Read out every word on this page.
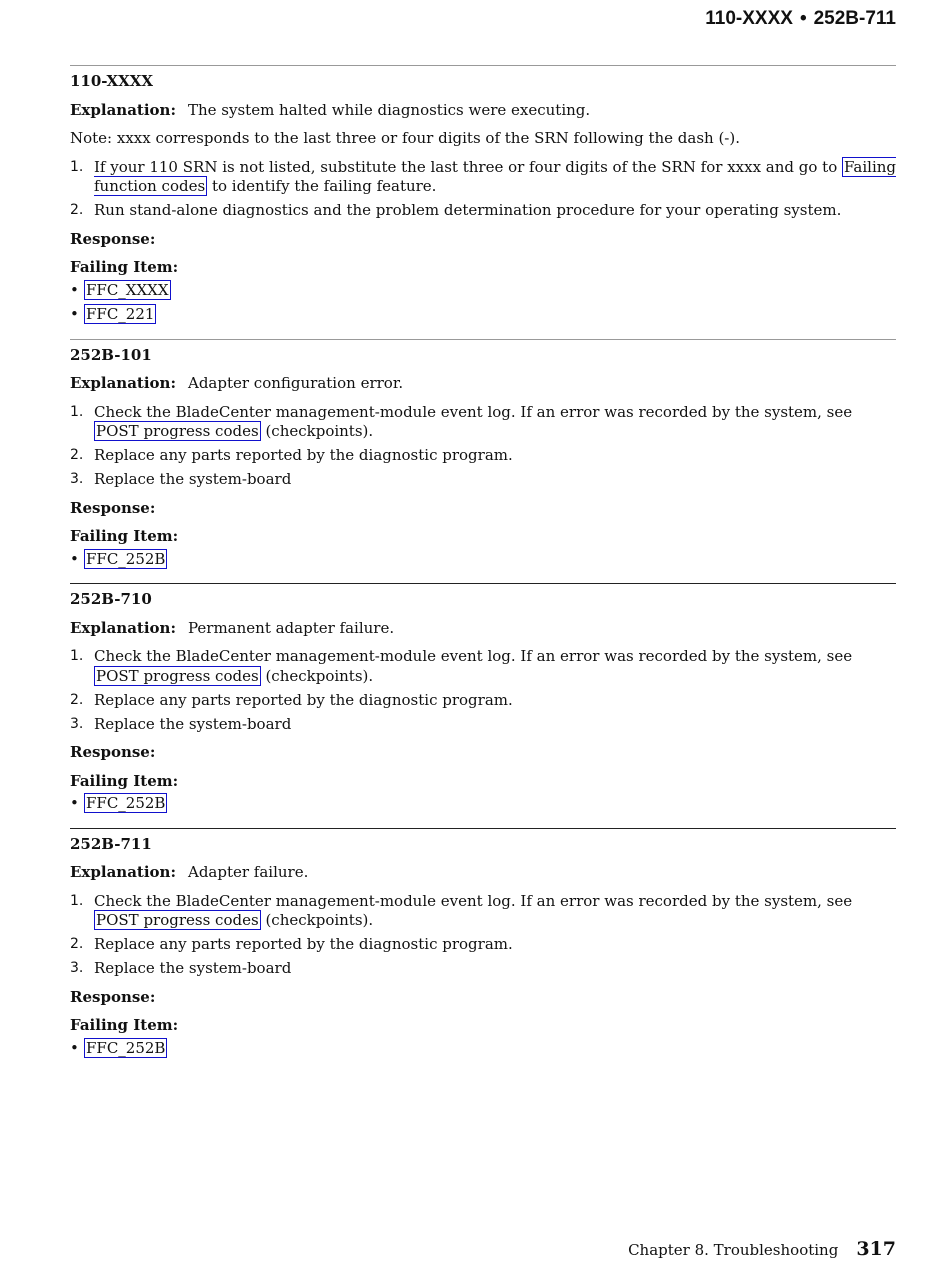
110-XXXX • 252B-711

110-XXXX

Explanation: The system halted while diagnostics were executing.

Note: xxxx corresponds to the last three or four digits of the SRN following the dash (-).

1. If your 110 SRN is not listed, substitute the last three or four digits of the SRN for xxxx and go to Failing function codes to identify the failing feature.
2. Run stand-alone diagnostics and the problem determination procedure for your operating system.

Response:

Failing Item:

• FFC_XXXX
• FFC_221

252B-101

Explanation: Adapter configuration error.

1. Check the BladeCenter management-module event log. If an error was recorded by the system, see POST progress codes (checkpoints).
2. Replace any parts reported by the diagnostic program.
3. Replace the system-board

Response:

Failing Item:

• FFC_252B

252B-710

Explanation: Permanent adapter failure.

1. Check the BladeCenter management-module event log. If an error was recorded by the system, see POST progress codes (checkpoints).
2. Replace any parts reported by the diagnostic program.
3. Replace the system-board

Response:

Failing Item:

• FFC_252B

252B-711

Explanation: Adapter failure.

1. Check the BladeCenter management-module event log. If an error was recorded by the system, see POST progress codes (checkpoints).
2. Replace any parts reported by the diagnostic program.
3. Replace the system-board

Response:

Failing Item:

• FFC_252B
Chapter 8. Troubleshooting 317
